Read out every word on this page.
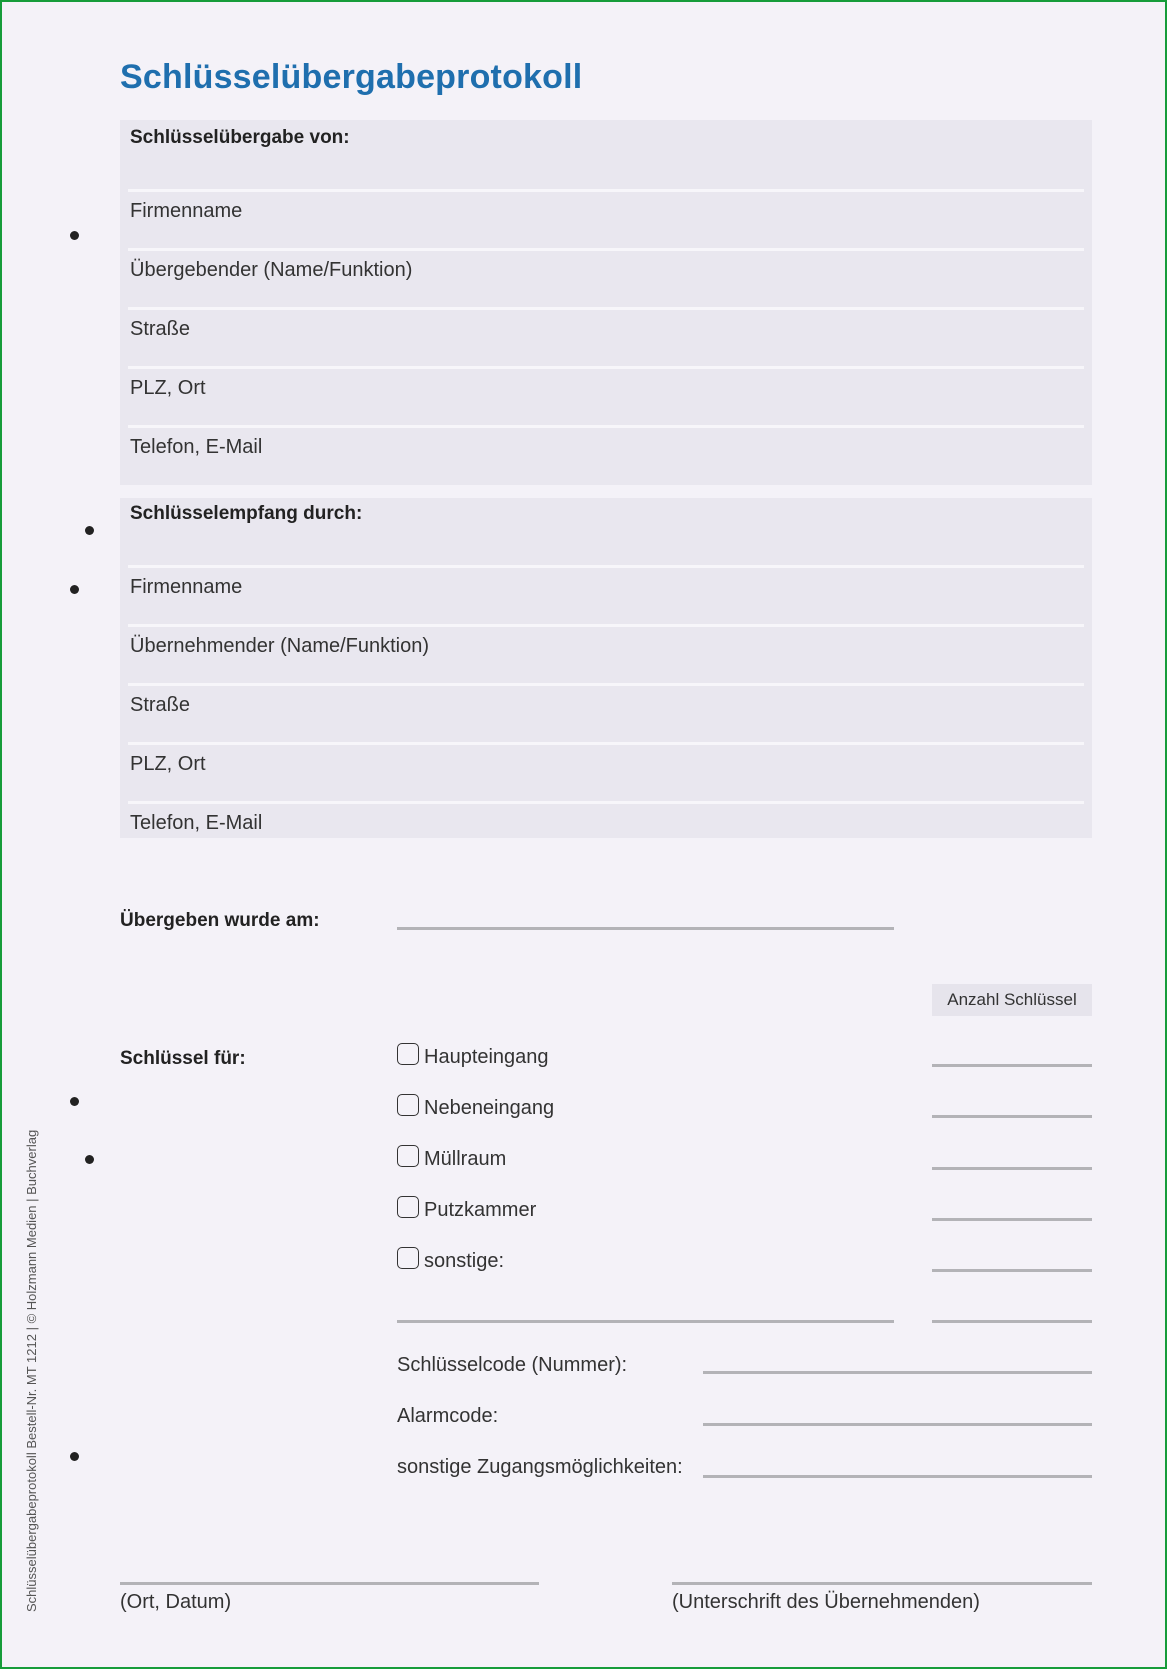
Schlüsselübergabeprotokoll
Schlüsselübergabe von:
Firmenname
Übergebender (Name/Funktion)
Straße
PLZ, Ort
Telefon, E-Mail
Schlüsselempfang durch:
Firmenname
Übernehmender (Name/Funktion)
Straße
PLZ, Ort
Telefon, E-Mail
Übergeben wurde am:
Anzahl Schlüssel
Schlüssel für:	Haupteingang
Nebeneingang
Müllraum
Putzkammer
sonstige:
Schlüsselcode (Nummer):
Alarmcode:
sonstige Zugangsmöglichkeiten:
(Ort, Datum)	(Unterschrift des Übernehmenden)
Schlüsselübergabeprotokoll Bestell-Nr. MT 1212 | © Holzmann Medien | Buchverlag
